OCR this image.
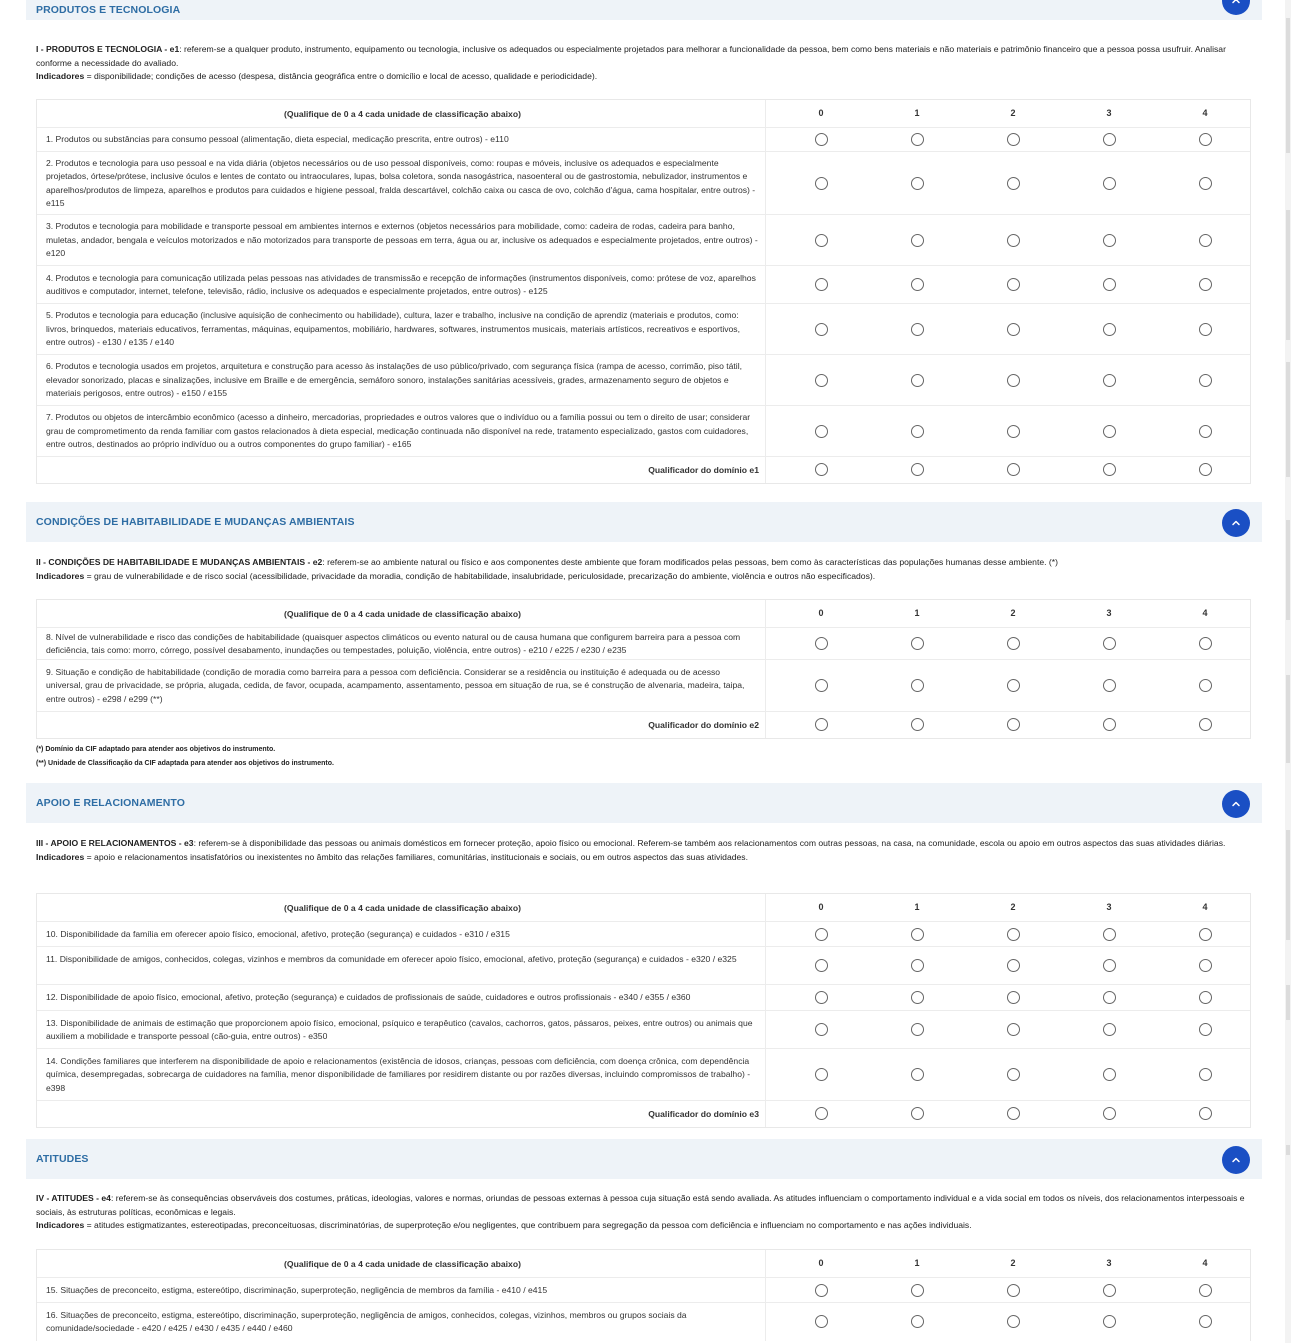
PRODUTOS E TECNOLOGIA
I - PRODUTOS E TECNOLOGIA - e1: referem-se a qualquer produto, instrumento, equipamento ou tecnologia, inclusive os adequados ou especialmente projetados para melhorar a funcionalidade da pessoa, bem como bens materiais e não materiais e patrimônio financeiro que a pessoa possa usufruir. Analisar conforme a necessidade do avaliado.
Indicadores = disponibilidade; condições de acesso (despesa, distância geográfica entre o domicílio e local de acesso, qualidade e periodicidade).
(Qualifique de 0 a 4 cada unidade de classificação abaixo)	0	1	2	3	4
1. Produtos ou substâncias para consumo pessoal (alimentação, dieta especial, medicação prescrita, entre outros) - e110
2. Produtos e tecnologia para uso pessoal e na vida diária (objetos necessários ou de uso pessoal disponíveis, como: roupas e móveis, inclusive os adequados e especialmente projetados, órtese/prótese, inclusive óculos e lentes de contato ou intraoculares, lupas, bolsa coletora, sonda nasogástrica, nasoenteral ou de gastrostomia, nebulizador, instrumentos e aparelhos/produtos de limpeza, aparelhos e produtos para cuidados e higiene pessoal, fralda descartável, colchão caixa ou casca de ovo, colchão d'água, cama hospitalar, entre outros) - e115
3. Produtos e tecnologia para mobilidade e transporte pessoal em ambientes internos e externos (objetos necessários para mobilidade, como: cadeira de rodas, cadeira para banho, muletas, andador, bengala e veículos motorizados e não motorizados para transporte de pessoas em terra, água ou ar, inclusive os adequados e especialmente projetados, entre outros) - e120
4. Produtos e tecnologia para comunicação utilizada pelas pessoas nas atividades de transmissão e recepção de informações (instrumentos disponíveis, como: prótese de voz, aparelhos auditivos e computador, internet, telefone, televisão, rádio, inclusive os adequados e especialmente projetados, entre outros) - e125
5. Produtos e tecnologia para educação (inclusive aquisição de conhecimento ou habilidade), cultura, lazer e trabalho, inclusive na condição de aprendiz (materiais e produtos, como: livros, brinquedos, materiais educativos, ferramentas, máquinas, equipamentos, mobiliário, hardwares, softwares, instrumentos musicais, materiais artísticos, recreativos e esportivos, entre outros) - e130 / e135 / e140
6. Produtos e tecnologia usados em projetos, arquitetura e construção para acesso às instalações de uso público/privado, com segurança física (rampa de acesso, corrimão, piso tátil, elevador sonorizado, placas e sinalizações, inclusive em Braille e de emergência, semáforo sonoro, instalações sanitárias acessíveis, grades, armazenamento seguro de objetos e materiais perigosos, entre outros) - e150 / e155
7. Produtos ou objetos de intercâmbio econômico (acesso a dinheiro, mercadorias, propriedades e outros valores que o indivíduo ou a família possui ou tem o direito de usar; considerar grau de comprometimento da renda familiar com gastos relacionados à dieta especial, medicação continuada não disponível na rede, tratamento especializado, gastos com cuidadores, entre outros, destinados ao próprio indivíduo ou a outros componentes do grupo familiar) - e165
Qualificador do domínio e1
CONDIÇÕES DE HABITABILIDADE E MUDANÇAS AMBIENTAIS
II - CONDIÇÕES DE HABITABILIDADE E MUDANÇAS AMBIENTAIS - e2: referem-se ao ambiente natural ou físico e aos componentes deste ambiente que foram modificados pelas pessoas, bem como às características das populações humanas desse ambiente. (*)
Indicadores = grau de vulnerabilidade e de risco social (acessibilidade, privacidade da moradia, condição de habitabilidade, insalubridade, periculosidade, precarização do ambiente, violência e outros não especificados).
(Qualifique de 0 a 4 cada unidade de classificação abaixo)	0	1	2	3	4
8. Nível de vulnerabilidade e risco das condições de habitabilidade (quaisquer aspectos climáticos ou evento natural ou de causa humana que configurem barreira para a pessoa com deficiência, tais como: morro, córrego, possível desabamento, inundações ou tempestades, poluição, violência, entre outros) - e210 / e225 / e230 / e235
9. Situação e condição de habitabilidade (condição de moradia como barreira para a pessoa com deficiência. Considerar se a residência ou instituição é adequada ou de acesso universal, grau de privacidade, se própria, alugada, cedida, de favor, ocupada, acampamento, assentamento, pessoa em situação de rua, se é construção de alvenaria, madeira, taipa, entre outros) - e298 / e299 (**)
Qualificador do domínio e2
(*) Domínio da CIF adaptado para atender aos objetivos do instrumento.
(**) Unidade de Classificação da CIF adaptada para atender aos objetivos do instrumento.
APOIO E RELACIONAMENTO
III - APOIO E RELACIONAMENTOS - e3: referem-se à disponibilidade das pessoas ou animais domésticos em fornecer proteção, apoio físico ou emocional. Referem-se também aos relacionamentos com outras pessoas, na casa, na comunidade, escola ou apoio em outros aspectos das suas atividades diárias.
Indicadores = apoio e relacionamentos insatisfatórios ou inexistentes no âmbito das relações familiares, comunitárias, institucionais e sociais, ou em outros aspectos das suas atividades.
(Qualifique de 0 a 4 cada unidade de classificação abaixo)	0	1	2	3	4
10. Disponibilidade da família em oferecer apoio físico, emocional, afetivo, proteção (segurança) e cuidados - e310 / e315
11. Disponibilidade de amigos, conhecidos, colegas, vizinhos e membros da comunidade em oferecer apoio físico, emocional, afetivo, proteção (segurança) e cuidados - e320 / e325
12. Disponibilidade de apoio físico, emocional, afetivo, proteção (segurança) e cuidados de profissionais de saúde, cuidadores e outros profissionais - e340 / e355 / e360
13. Disponibilidade de animais de estimação que proporcionem apoio físico, emocional, psíquico e terapêutico (cavalos, cachorros, gatos, pássaros, peixes, entre outros) ou animais que auxiliem a mobilidade e transporte pessoal (cão-guia, entre outros) - e350
14. Condições familiares que interferem na disponibilidade de apoio e relacionamentos (existência de idosos, crianças, pessoas com deficiência, com doença crônica, com dependência química, desempregadas, sobrecarga de cuidadores na família, menor disponibilidade de familiares por residirem distante ou por razões diversas, incluindo compromissos de trabalho) - e398
Qualificador do domínio e3
ATITUDES
IV - ATITUDES - e4: referem-se às consequências observáveis dos costumes, práticas, ideologias, valores e normas, oriundas de pessoas externas à pessoa cuja situação está sendo avaliada. As atitudes influenciam o comportamento individual e a vida social em todos os níveis, dos relacionamentos interpessoais e sociais, às estruturas políticas, econômicas e legais.
Indicadores = atitudes estigmatizantes, estereotipadas, preconceituosas, discriminatórias, de superproteção e/ou negligentes, que contribuem para segregação da pessoa com deficiência e influenciam no comportamento e nas ações individuais.
(Qualifique de 0 a 4 cada unidade de classificação abaixo)	0	1	2	3	4
15. Situações de preconceito, estigma, estereótipo, discriminação, superproteção, negligência de membros da família - e410 / e415
16. Situações de preconceito, estigma, estereótipo, discriminação, superproteção, negligência de amigos, conhecidos, colegas, vizinhos, membros ou grupos sociais da comunidade/sociedade - e420 / e425 / e430 / e435 / e440 / e460
